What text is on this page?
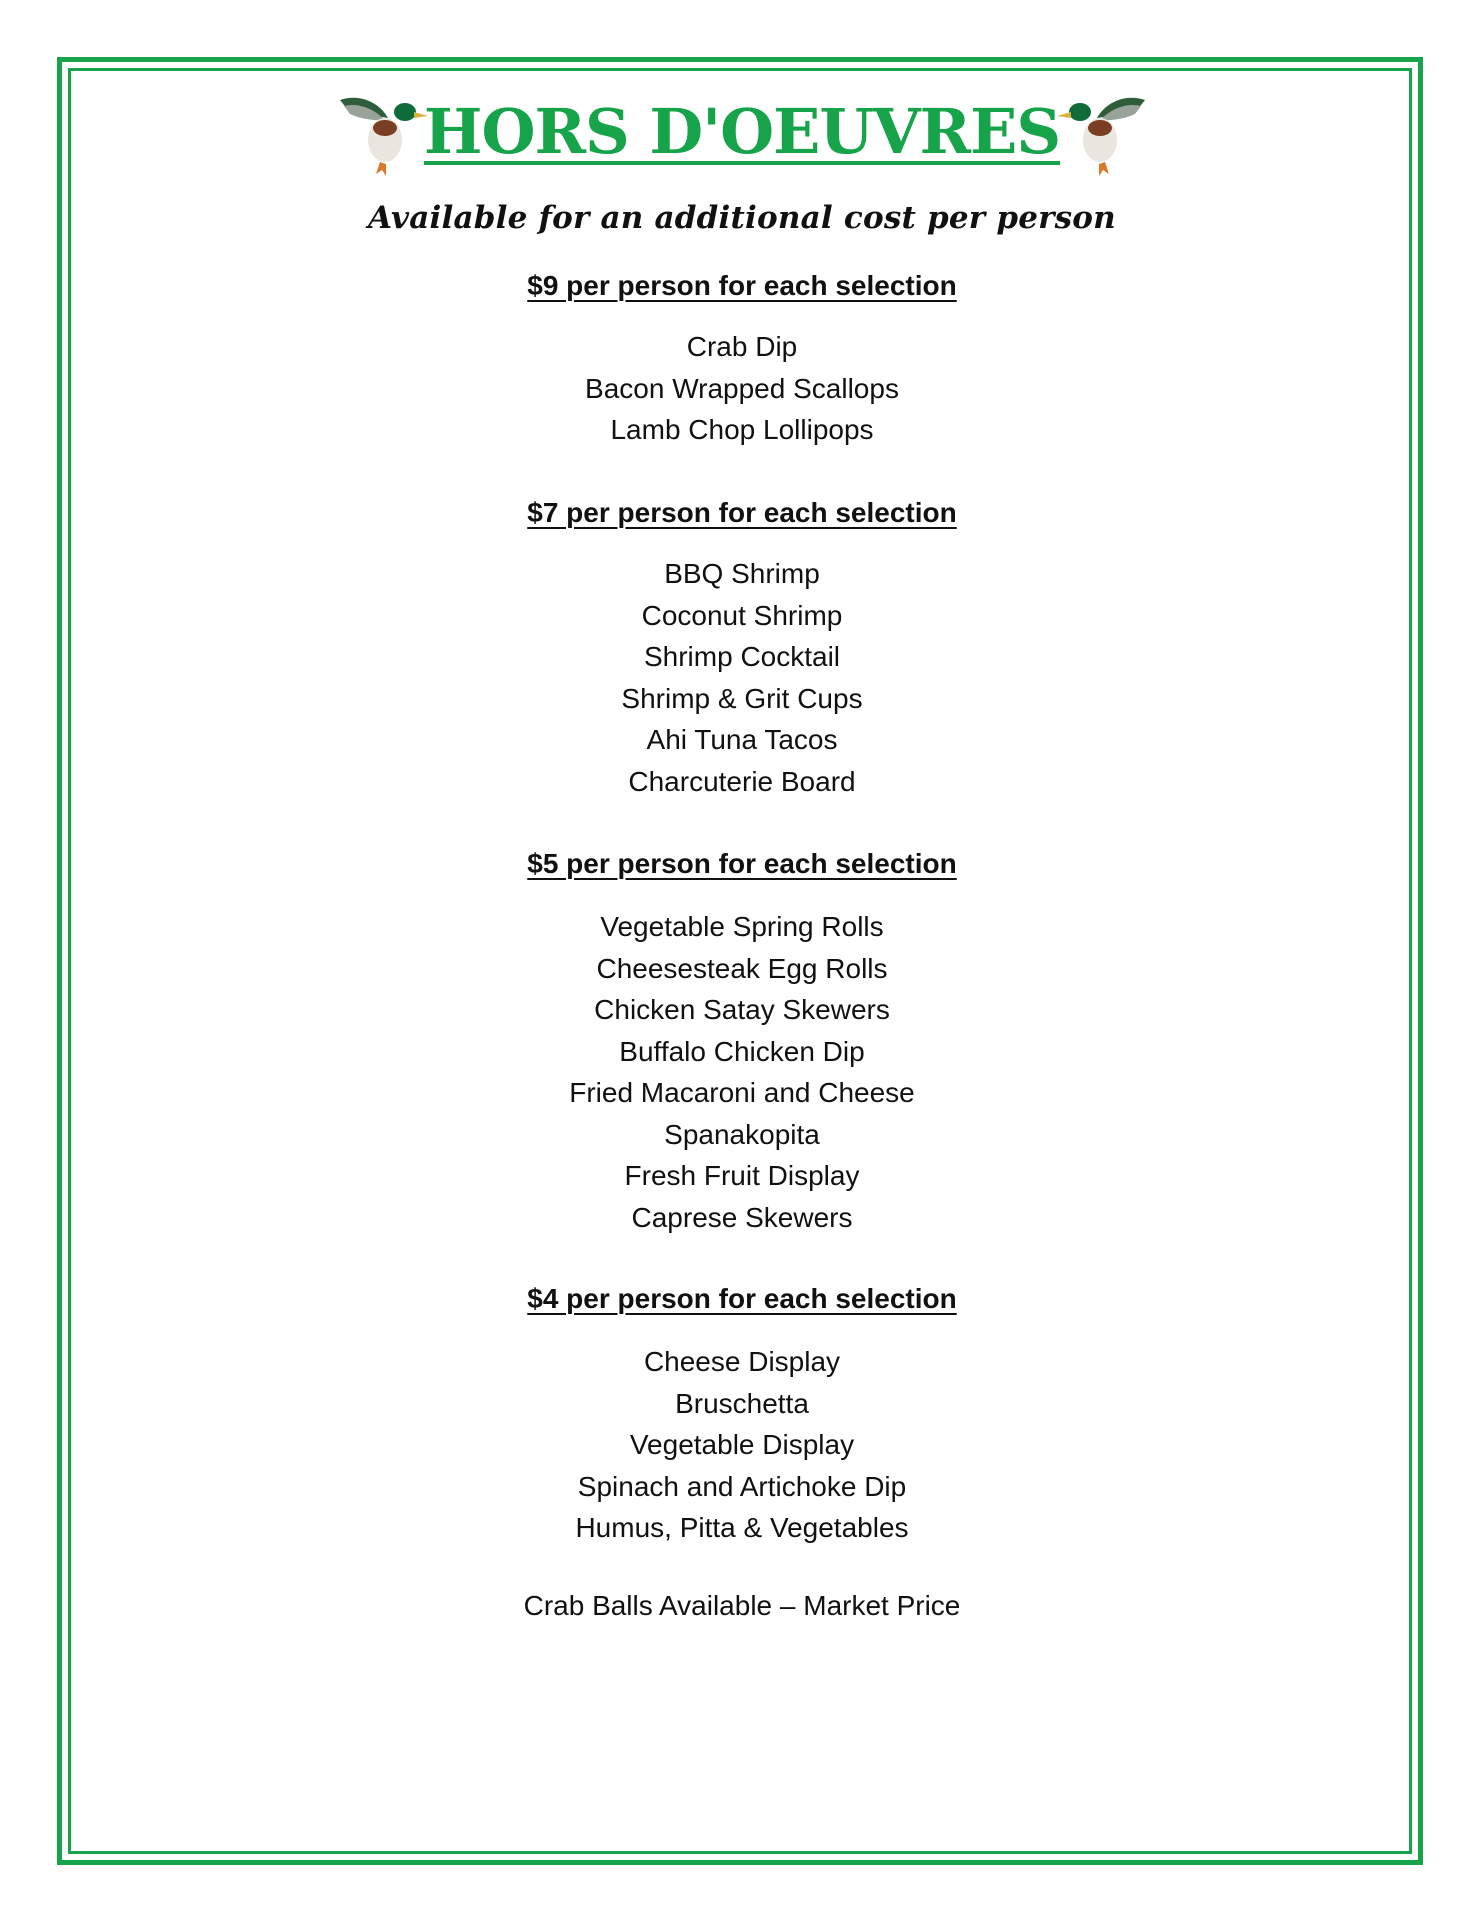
HORS D'OEUVRES
Available for an additional cost per person
$9 per person for each selection
Crab Dip
Bacon Wrapped Scallops
Lamb Chop Lollipops
$7 per person for each selection
BBQ Shrimp
Coconut Shrimp
Shrimp Cocktail
Shrimp & Grit Cups
Ahi Tuna Tacos
Charcuterie Board
$5 per person for each selection
Vegetable Spring Rolls
Cheesesteak Egg Rolls
Chicken Satay Skewers
Buffalo Chicken Dip
Fried Macaroni and Cheese
Spanakopita
Fresh Fruit Display
Caprese Skewers
$4 per person for each selection
Cheese Display
Bruschetta
Vegetable Display
Spinach and Artichoke Dip
Humus, Pitta & Vegetables
Crab Balls Available – Market Price
